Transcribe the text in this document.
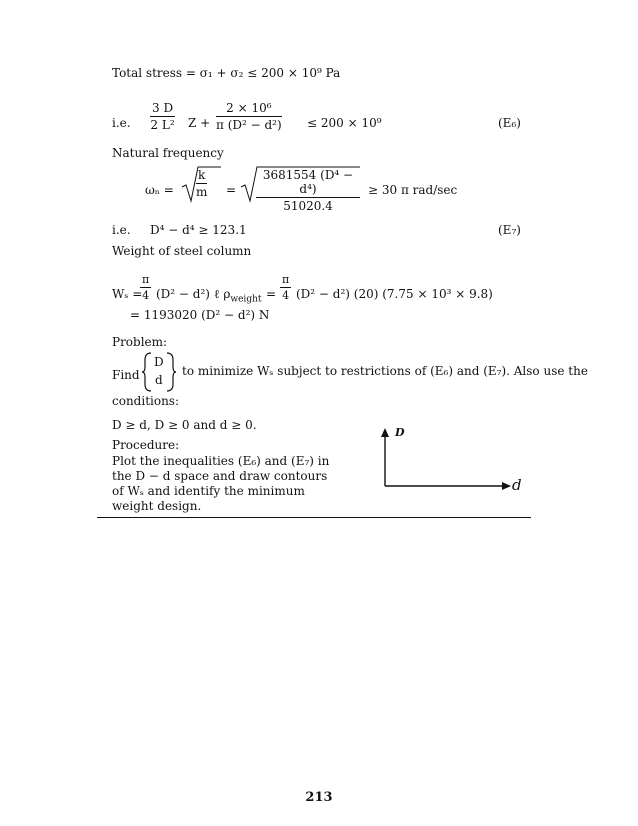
Total stress = σ₁ + σ₂ ≤ 200 × 10⁹ Pa
i.e. $\frac{3 D}{\text{2 L²}}$ $Z + \frac{\text{2 × 10⁶}}{\text{π (D² − d²)}} \le 200 \times 10^9$	(E₆)
Natural frequency
$\omega_n = \frac{k}{m} = \frac{\text{3681554 (D⁴ − d⁴)}}{51020.4} \ge 30$ π rad/sec
i.e. D⁴ − d⁴ ≥ 123.1	(E₇)
Weight of steel column
Wₛ =
$\frac{\pi}{4} (D^2 - d^2)$ ℓ $\rho_{weight} = \frac{\pi}{4} (D^2 - d^2)$ (20) (7.75 × 10³ × 9.8)
= 1193020 (D² − d²) N
Problem:
Find
D
d
to minimize Wₛ subject to restrictions of (E₆) and (E₇). Also use the
conditions:
D ≥ d, D ≥ 0 and d ≥ 0.
Procedure:
Plot the inequalities (E₆) and (E₇) in
the D − d space and draw contours
of Wₛ and identify the minimum
weight design.
D
d
213
